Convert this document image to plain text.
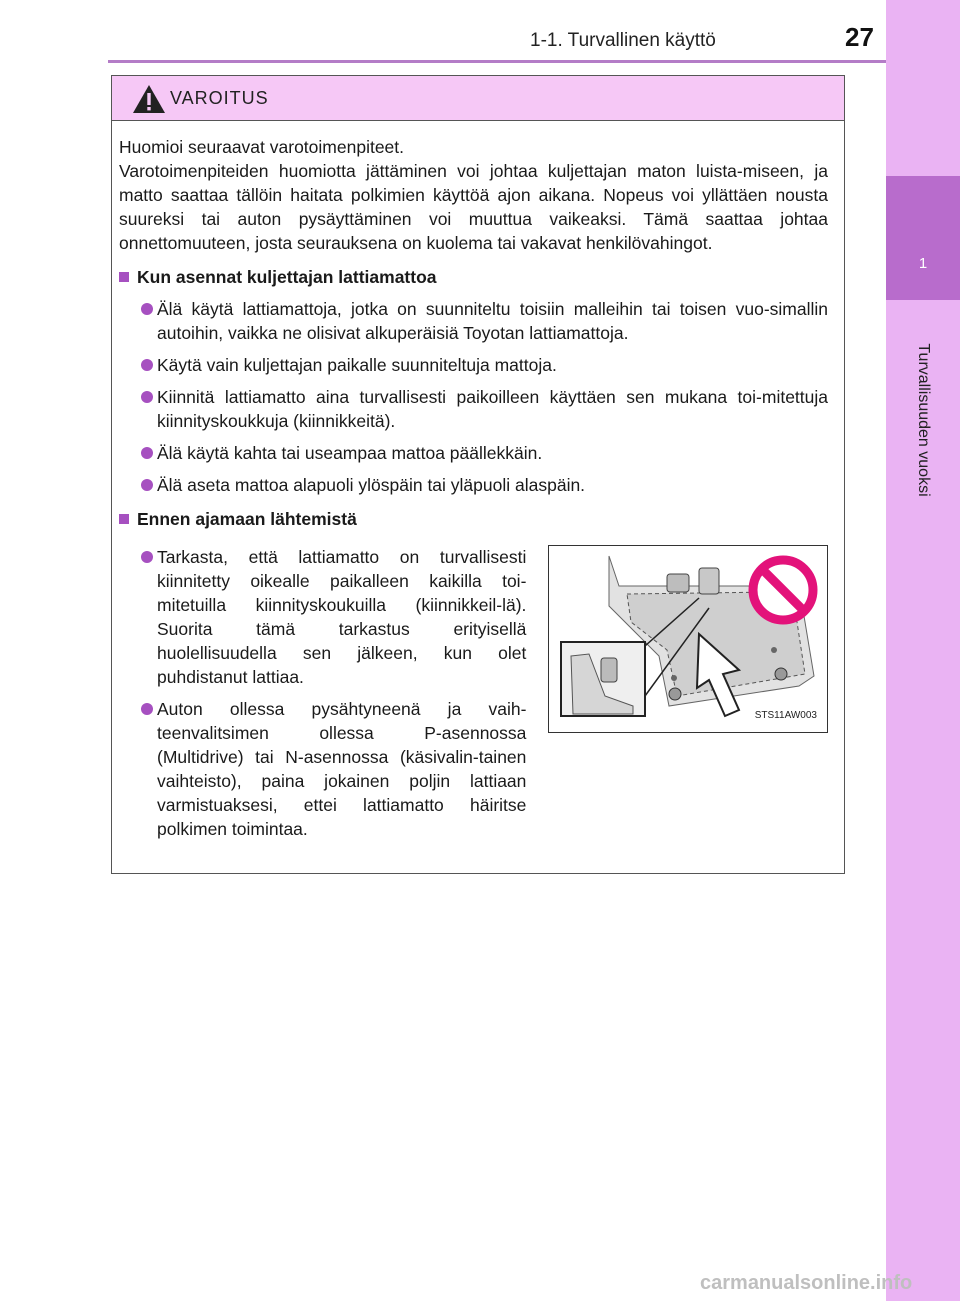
1-1. Turvallinen käyttö	27
1
Turvallisuuden vuoksi
VAROITUS

Huomioi seuraavat varotoimenpiteet.

Varotoimenpiteiden huomiotta jättäminen voi johtaa kuljettajan maton luista-miseen, ja matto saattaa tällöin haitata polkimien käyttöä ajon aikana. Nopeus voi yllättäen nousta suureksi tai auton pysäyttäminen voi muuttua vaikeaksi. Tämä saattaa johtaa onnettomuuteen, josta seurauksena on kuolema tai vakavat henkilövahingot.

Kun asennat kuljettajan lattiamattoa
Älä käytä lattiamattoja, jotka on suunniteltu toisiin malleihin tai toisen vuo-simallin autoihin, vaikka ne olisivat alkuperäisiä Toyotan lattiamattoja.
Käytä vain kuljettajan paikalle suunniteltuja mattoja.
Kiinnitä lattiamatto aina turvallisesti paikoilleen käyttäen sen mukana toi-mitettuja kiinnityskoukkuja (kiinnikkeitä).
Älä käytä kahta tai useampaa mattoa päällekkäin.
Älä aseta mattoa alapuoli ylöspäin tai yläpuoli alaspäin.
Ennen ajamaan lähtemistä
Tarkasta, että lattiamatto on turvallisesti kiinnitetty oikealle paikalleen kaikilla toi-mitetuilla kiinnityskoukuilla (kiinnikkeil-lä). Suorita tämä tarkastus erityisellä huolellisuudella sen jälkeen, kun olet puhdistanut lattiaa.
Auton ollessa pysähtyneenä ja vaih-teenvalitsimen ollessa P-asennossa (Multidrive) tai N-asennossa (käsivalin-tainen vaihteisto), paina jokainen poljin lattiaan varmistuaksesi, ettei lattiamatto häiritse polkimen toimintaa.
STS11AW003
carmanualsonline.info
